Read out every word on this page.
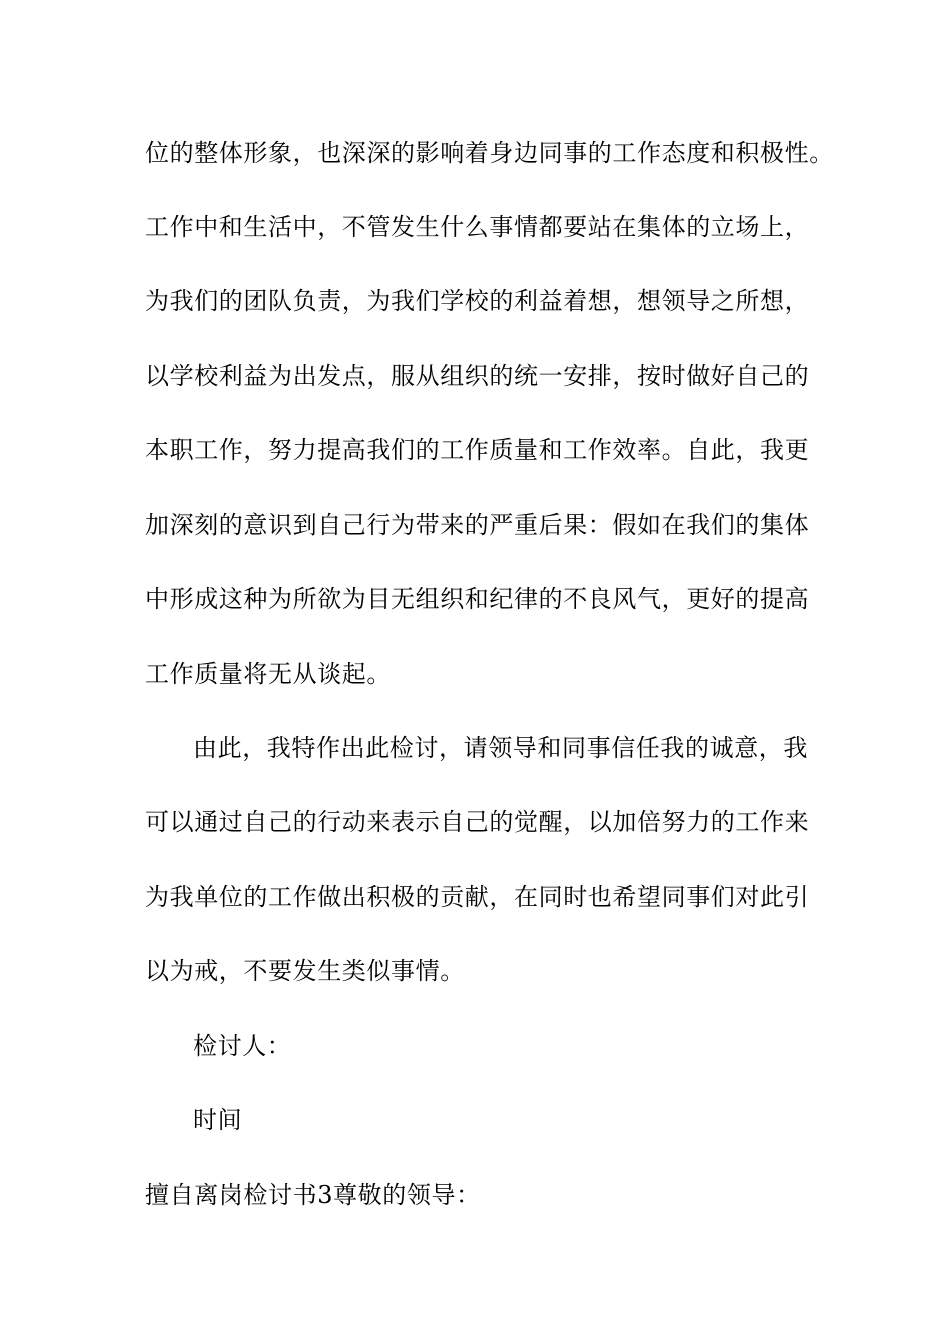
位的整体形象，也深深的影响着身边同事的工作态度和积极性。
工作中和生活中，不管发生什么事情都要站在集体的立场上，
为我们的团队负责，为我们学校的利益着想，想领导之所想，
以学校利益为出发点，服从组织的统一安排，按时做好自己的
本职工作，努力提高我们的工作质量和工作效率。自此，我更
加深刻的意识到自己行为带来的严重后果：假如在我们的集体
中形成这种为所欲为目无组织和纪律的不良风气，更好的提高
工作质量将无从谈起。
由此，我特作出此检讨，请领导和同事信任我的诚意，我
可以通过自己的行动来表示自己的觉醒，以加倍努力的工作来
为我单位的工作做出积极的贡献，在同时也希望同事们对此引
以为戒，不要发生类似事情。
检讨人：
时间
擅自离岗检讨书3尊敬的领导：
